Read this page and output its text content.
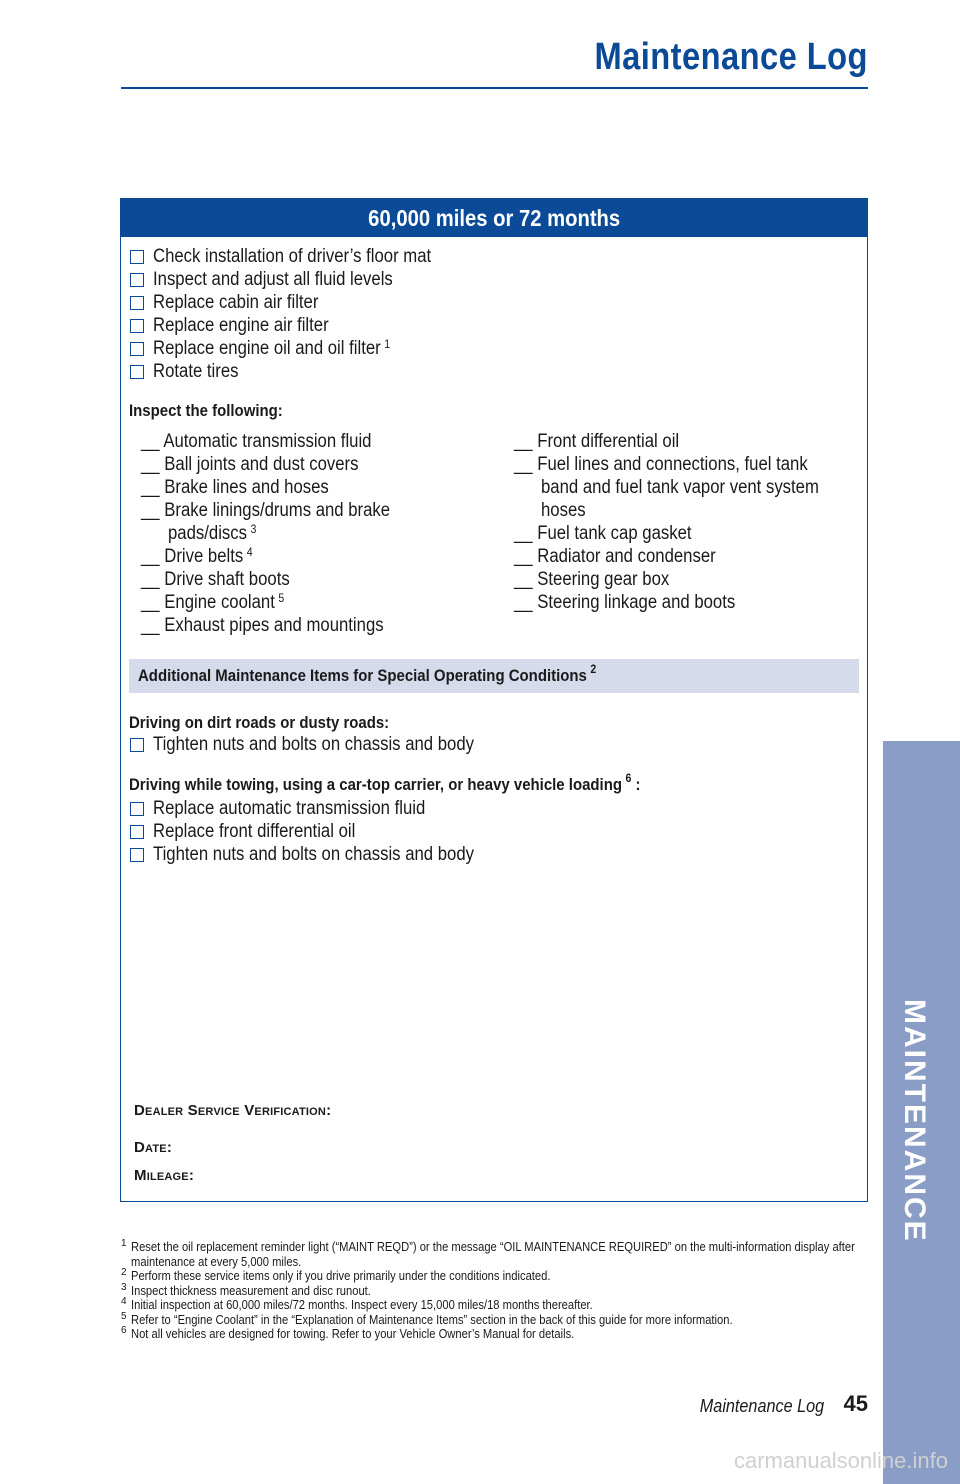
Maintenance Log
60,000 miles or 72 months
Check installation of driver’s floor mat
Inspect and adjust all fluid levels
Replace cabin air filter
Replace engine air filter
Replace engine oil and oil filter $^1$
Rotate tires
Inspect the following:
__ Automatic transmission fluid
__ Ball joints and dust covers
__ Brake lines and hoses
__ Brake linings/drums and brake
pads/discs $^3$
__ Drive belts $^4$
__ Drive shaft boots
__ Engine coolant $^5$
__ Exhaust pipes and mountings
__ Front differential oil
__ Fuel lines and connections, fuel tank
band and fuel tank vapor vent system
hoses
__ Fuel tank cap gasket
__ Radiator and condenser
__ Steering gear box
__ Steering linkage and boots
Additional Maintenance Items for Special Operating Conditions $^2$
Driving on dirt roads or dusty roads:
Tighten nuts and bolts on chassis and body
Driving while towing, using a car-top carrier, or heavy vehicle loading $^6$ :
Replace automatic transmission fluid
Replace front differential oil
Tighten nuts and bolts on chassis and body
Dealer Service Verification:
Date:
Mileage:
1 Reset the oil replacement reminder light (“MAINT REQD”) or the message “OIL MAINTENANCE REQUIRED” on the multi-information display after maintenance at every 5,000 miles.
2 Perform these service items only if you drive primarily under the conditions indicated.
3 Inspect thickness measurement and disc runout.
4 Initial inspection at 60,000 miles/72 months. Inspect every 15,000 miles/18 months thereafter.
5 Refer to “Engine Coolant” in the “Explanation of Maintenance Items” section in the back of this guide for more information.
6 Not all vehicles are designed for towing. Refer to your Vehicle Owner’s Manual for details.
Maintenance Log 45
MAINTENANCE
carmanualsonline.info
